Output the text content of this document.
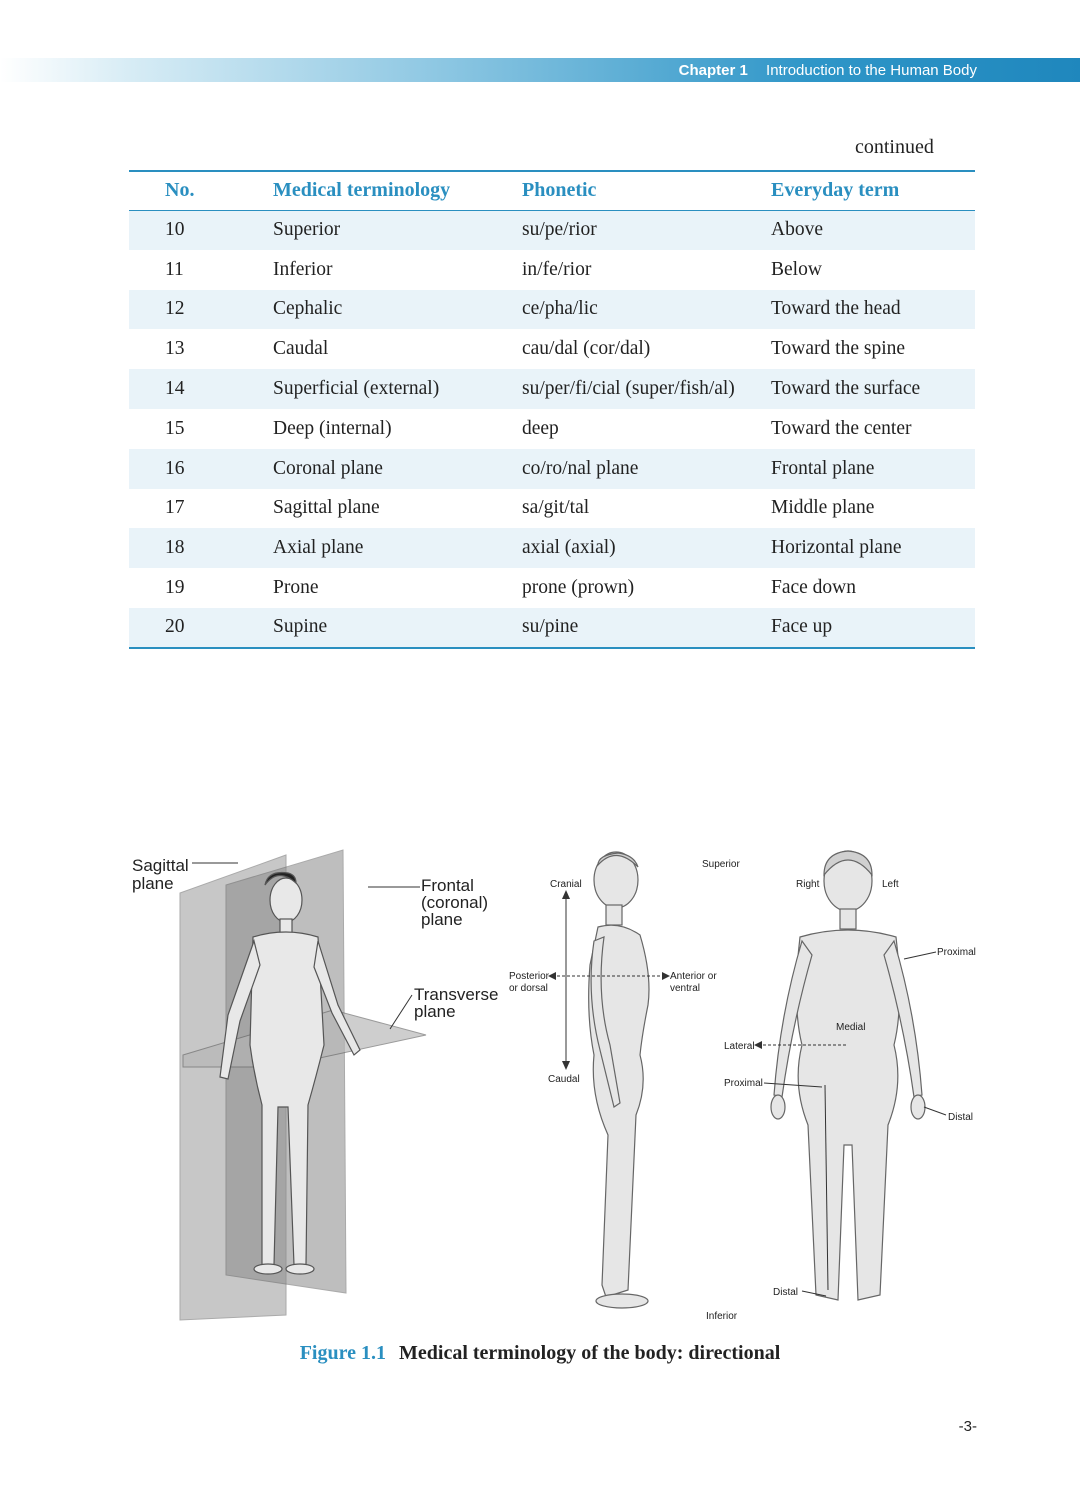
Chapter 1 Introduction to the Human Body
continued
No.	Medical terminology	Phonetic	Everyday term
10	Superior	su/pe/rior	Above
11	Inferior	in/fe/rior	Below
12	Cephalic	ce/pha/lic	Toward the head
13	Caudal	cau/dal (cor/dal)	Toward the spine
14	Superficial (external)	su/per/fi/cial (super/fish/al)	Toward the surface
15	Deep (internal)	deep	Toward the center
16	Coronal plane	co/ro/nal plane	Frontal plane
17	Sagittal plane	sa/git/tal	Middle plane
18	Axial plane	axial (axial)	Horizontal plane
19	Prone	prone (prown)	Face down
20	Supine	su/pine	Face up
Sagittal
plane	Frontal
(coronal)
plane
Transverse
plane
Superior
Cranial
Posterior
or dorsal
Anterior or
ventral
Caudal
Inferior
Right	Left
Proximal
Medial
Lateral
Proximal
Distal
Distal
Figure 1.1 Medical terminology of the body: directional
-3-
